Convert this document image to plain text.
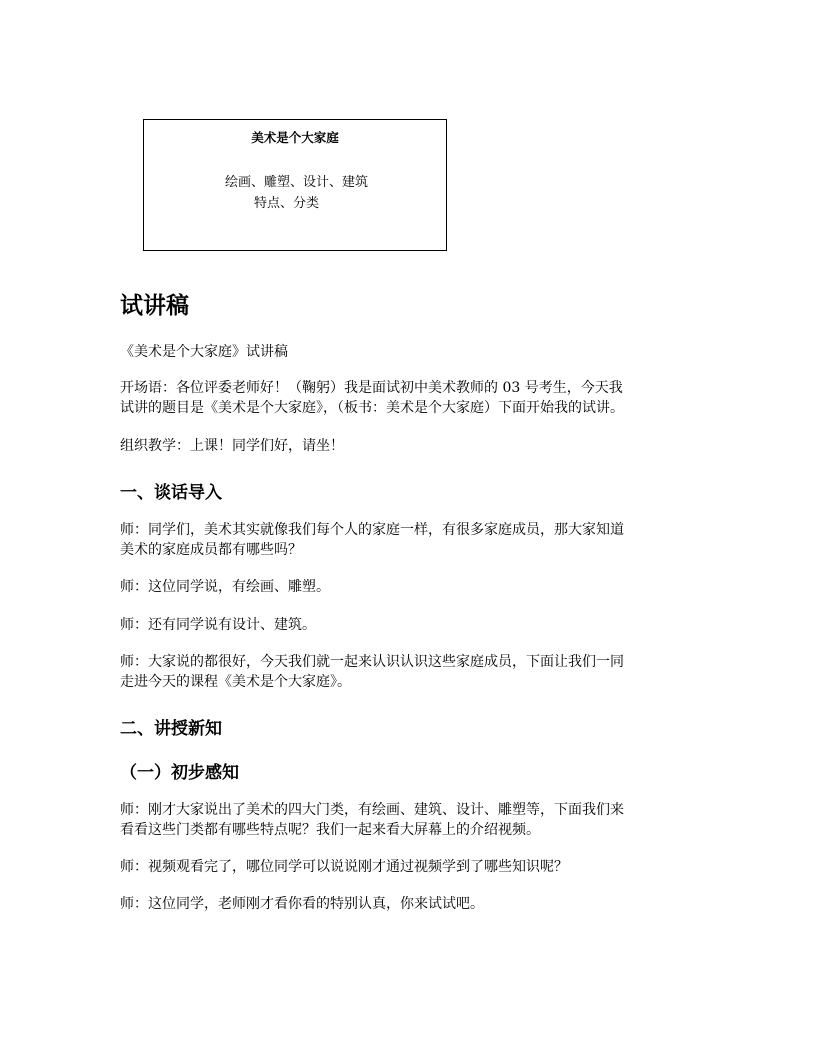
美术是个大家庭
绘画、雕塑、设计、建筑
特点、分类
试讲稿
《美术是个大家庭》试讲稿
开场语：各位评委老师好！（鞠躬）我是面试初中美术教师的 03 号考生，今天我
试讲的题目是《美术是个大家庭》，（板书：美术是个大家庭）下面开始我的试讲。
组织教学：上课！同学们好，请坐！
一、谈话导入
师：同学们，美术其实就像我们每个人的家庭一样，有很多家庭成员，那大家知道
美术的家庭成员都有哪些吗？
师：这位同学说，有绘画、雕塑。
师：还有同学说有设计、建筑。
师：大家说的都很好，今天我们就一起来认识认识这些家庭成员，下面让我们一同
走进今天的课程《美术是个大家庭》。
二、讲授新知
（一）初步感知
师：刚才大家说出了美术的四大门类，有绘画、建筑、设计、雕塑等，下面我们来
看看这些门类都有哪些特点呢？我们一起来看大屏幕上的介绍视频。
师：视频观看完了，哪位同学可以说说刚才通过视频学到了哪些知识呢？
师：这位同学，老师刚才看你看的特别认真，你来试试吧。
